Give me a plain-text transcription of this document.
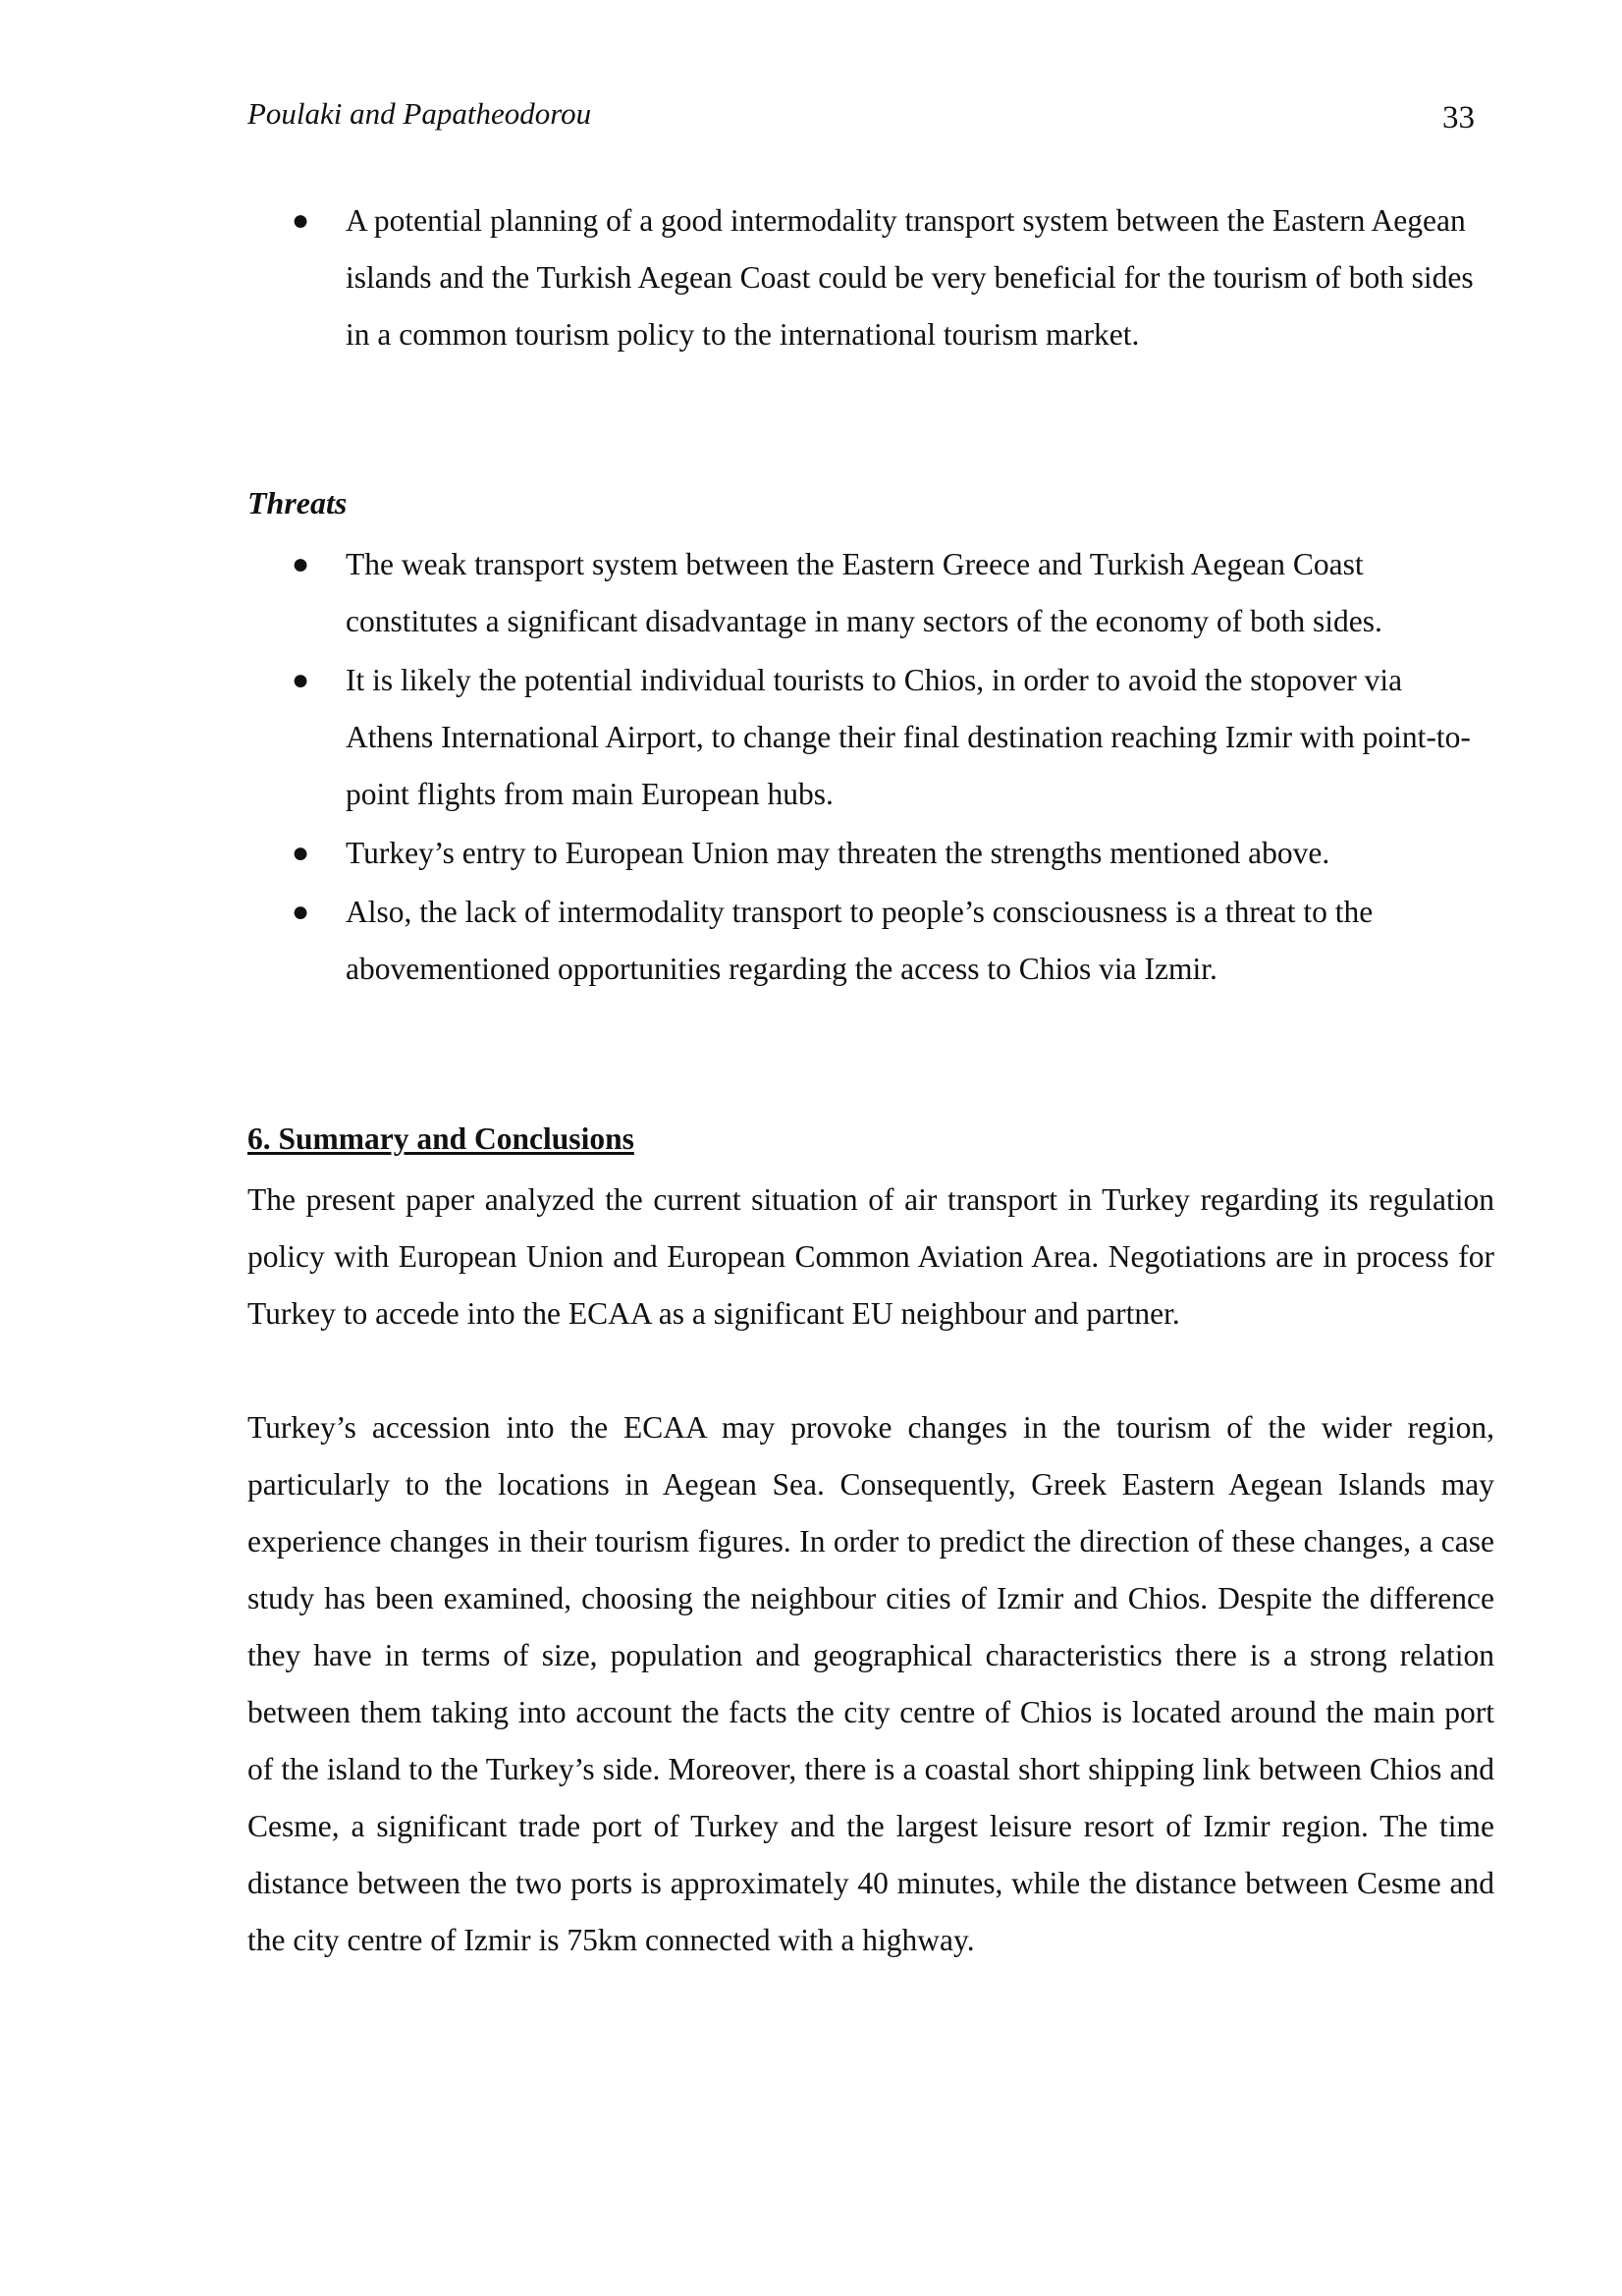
Poulaki and Papatheodorou	33
● A potential planning of a good intermodality transport system between the Eastern Aegean islands and the Turkish Aegean Coast could be very beneficial for the tourism of both sides in a common tourism policy to the international tourism market.
Threats
● The weak transport system between the Eastern Greece and Turkish Aegean Coast constitutes a significant disadvantage in many sectors of the economy of both sides.
● It is likely the potential individual tourists to Chios, in order to avoid the stopover via Athens International Airport, to change their final destination reaching Izmir with point-to-point flights from main European hubs.
● Turkey’s entry to European Union may threaten the strengths mentioned above.
● Also, the lack of intermodality transport to people’s consciousness is a threat to the abovementioned opportunities regarding the access to Chios via Izmir.
6. Summary and Conclusions

The present paper analyzed the current situation of air transport in Turkey regarding its regulation policy with European Union and European Common Aviation Area. Negotiations are in process for Turkey to accede into the ECAA as a significant EU neighbour and partner.

Turkey’s accession into the ECAA may provoke changes in the tourism of the wider region, particularly to the locations in Aegean Sea. Consequently, Greek Eastern Aegean Islands may experience changes in their tourism figures. In order to predict the direction of these changes, a case study has been examined, choosing the neighbour cities of Izmir and Chios. Despite the difference they have in terms of size, population and geographical characteristics there is a strong relation between them taking into account the facts the city centre of Chios is located around the main port of the island to the Turkey’s side. Moreover, there is a coastal short shipping link between Chios and Cesme, a significant trade port of Turkey and the largest leisure resort of Izmir region. The time distance between the two ports is approximately 40 minutes, while the distance between Cesme and the city centre of Izmir is 75km connected with a highway.
